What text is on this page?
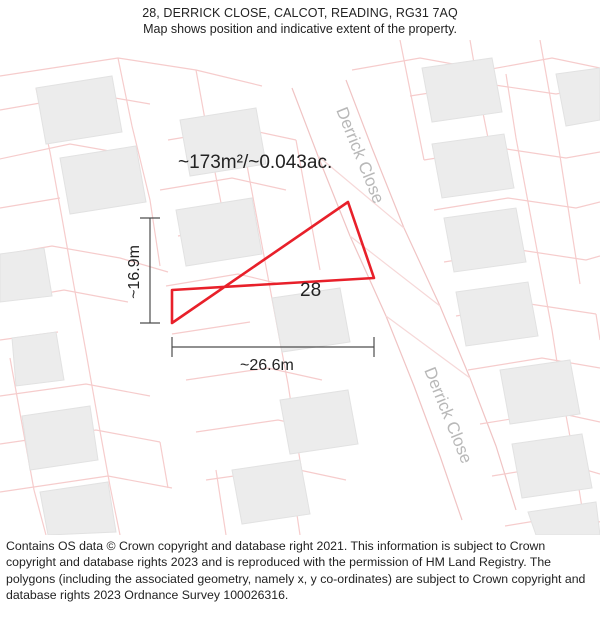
28, DERRICK CLOSE, CALCOT, READING, RG31 7AQ
Map shows position and indicative extent of the property.
~173m²/~0.043ac.
28
~26.6m
~16.9m
Derrick Close
Derrick Close
Contains OS data © Crown copyright and database right 2021. This information is subject to Crown copyright and database rights 2023 and is reproduced with the permission of HM Land Registry. The polygons (including the associated geometry, namely x, y co-ordinates) are subject to Crown copyright and database rights 2023 Ordnance Survey 100026316.
